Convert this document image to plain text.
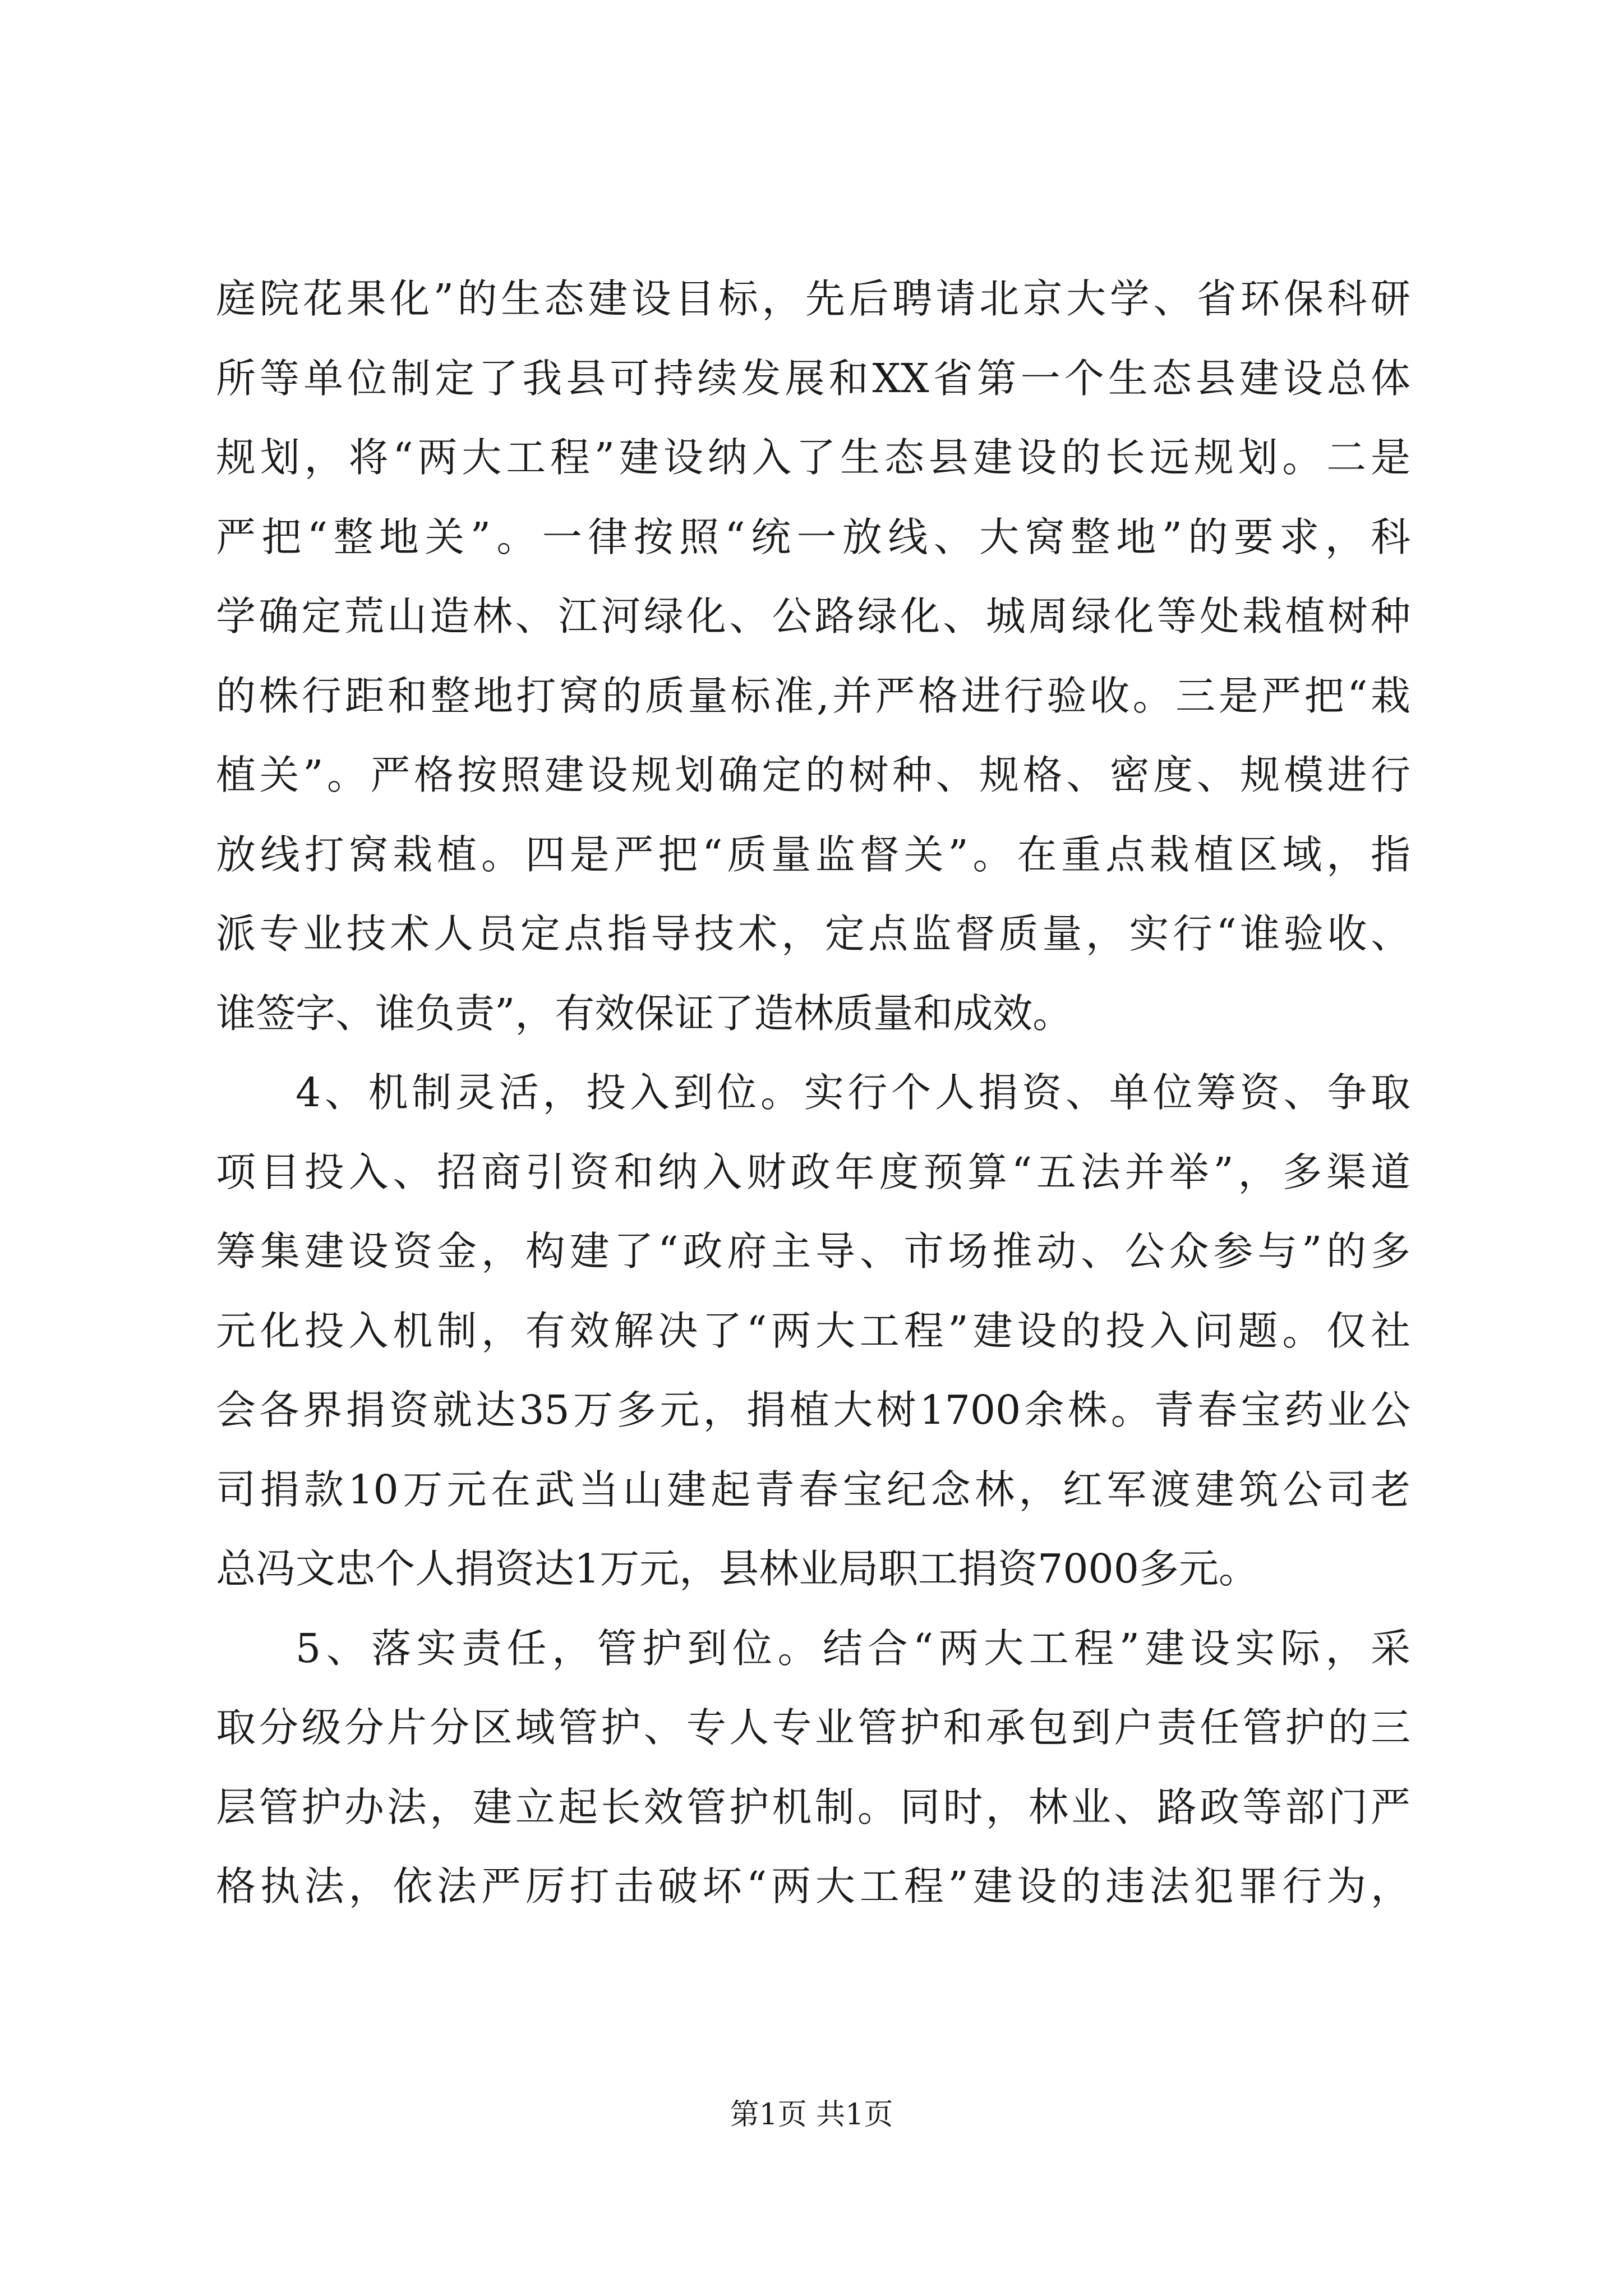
庭院花果化”的生态建设目标，先后聘请北京大学、省环保科研
所等单位制定了我县可持续发展和XX省第一个生态县建设总体
规划，将“两大工程”建设纳入了生态县建设的长远规划。二是
严把“整地关”。一律按照“统一放线、大窝整地”的要求，科
学确定荒山造林、江河绿化、公路绿化、城周绿化等处栽植树种
的株行距和整地打窝的质量标准,并严格进行验收。三是严把“栽
植关”。严格按照建设规划确定的树种、规格、密度、规模进行
放线打窝栽植。四是严把“质量监督关”。在重点栽植区域，指
派专业技术人员定点指导技术，定点监督质量，实行“谁验收、
谁签字、谁负责”，有效保证了造林质量和成效。
4、机制灵活，投入到位。实行个人捐资、单位筹资、争取
项目投入、招商引资和纳入财政年度预算“五法并举”，多渠道
筹集建设资金，构建了“政府主导、市场推动、公众参与”的多
元化投入机制，有效解决了“两大工程”建设的投入问题。仅社
会各界捐资就达35万多元，捐植大树1700余株。青春宝药业公
司捐款10万元在武当山建起青春宝纪念林，红军渡建筑公司老
总冯文忠个人捐资达1万元，县林业局职工捐资7000多元。
5、落实责任，管护到位。结合“两大工程”建设实际，采
取分级分片分区域管护、专人专业管护和承包到户责任管护的三
层管护办法，建立起长效管护机制。同时，林业、路政等部门严
格执法，依法严厉打击破坏“两大工程”建设的违法犯罪行为，
第1页 共1页
